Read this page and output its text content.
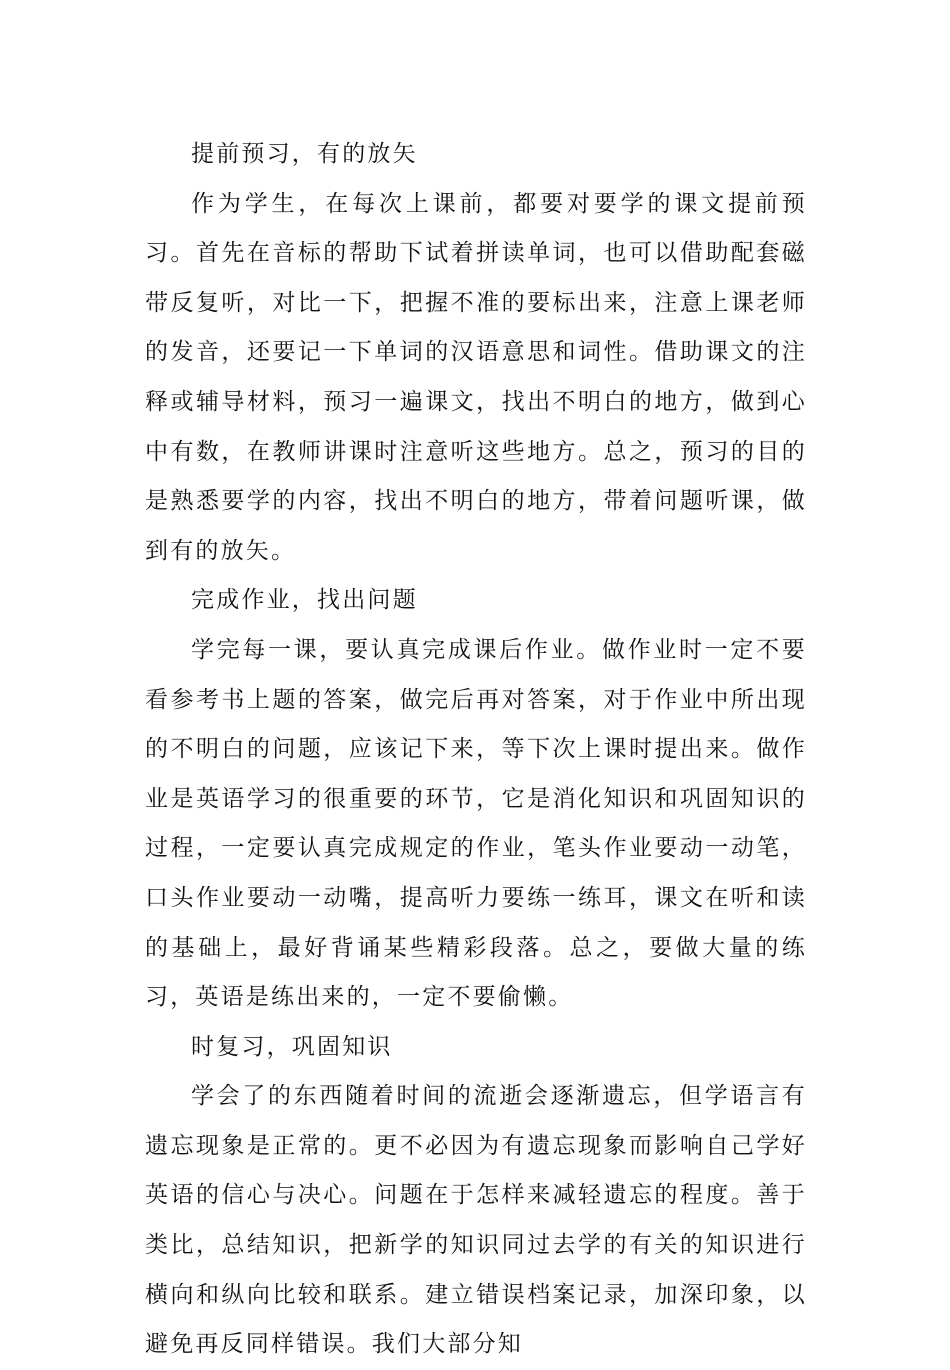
提前预习，有的放矢

作为学生，在每次上课前，都要对要学的课文提前预习。首先在音标的帮助下试着拼读单词，也可以借助配套磁带反复听，对比一下，把握不准的要标出来，注意上课老师的发音，还要记一下单词的汉语意思和词性。借助课文的注释或辅导材料，预习一遍课文，找出不明白的地方，做到心中有数，在教师讲课时注意听这些地方。总之，预习的目的是熟悉要学的内容，找出不明白的地方，带着问题听课，做到有的放矢。

完成作业，找出问题

学完每一课，要认真完成课后作业。做作业时一定不要看参考书上题的答案，做完后再对答案，对于作业中所出现的不明白的问题，应该记下来，等下次上课时提出来。做作业是英语学习的很重要的环节，它是消化知识和巩固知识的过程，一定要认真完成规定的作业，笔头作业要动一动笔，口头作业要动一动嘴，提高听力要练一练耳，课文在听和读的基础上，最好背诵某些精彩段落。总之，要做大量的练习，英语是练出来的，一定不要偷懒。

时复习，巩固知识

学会了的东西随着时间的流逝会逐渐遗忘，但学语言有遗忘现象是正常的。更不必因为有遗忘现象而影响自己学好英语的信心与决心。问题在于怎样来减轻遗忘的程度。善于类比，总结知识，把新学的知识同过去学的有关的知识进行横向和纵向比较和联系。建立错误档案记录，加深印象，以避免再反同样错误。我们大部分知
